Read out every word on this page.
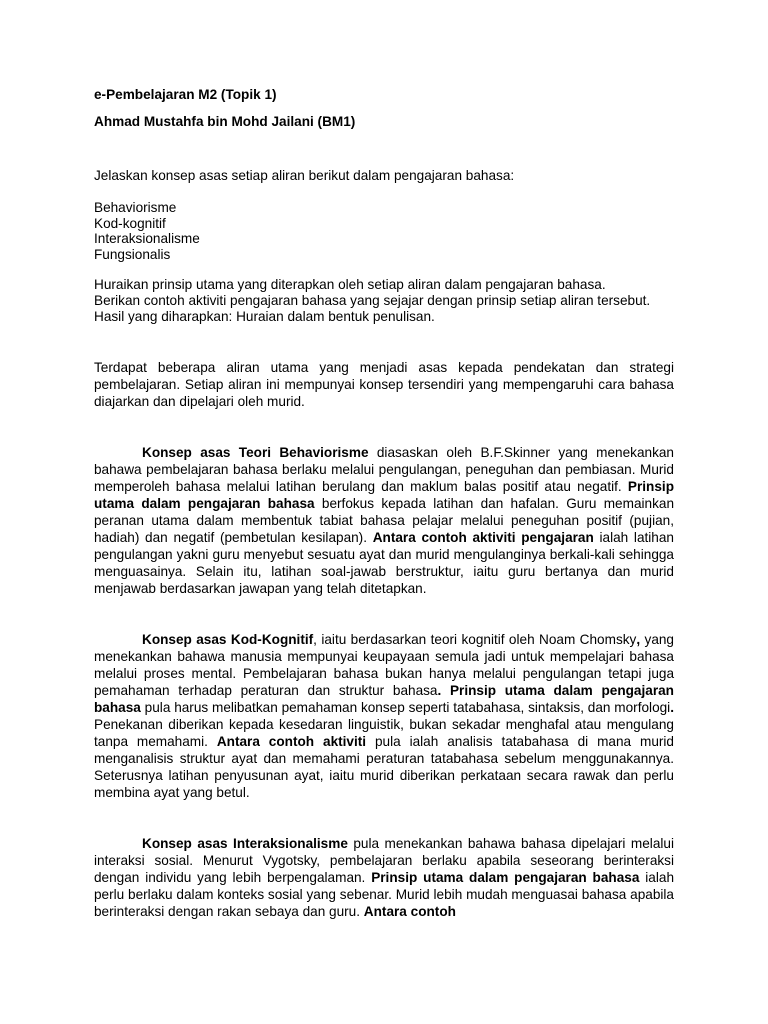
e-Pembelajaran M2 (Topik 1)

Ahmad Mustahfa bin Mohd Jailani (BM1)

Jelaskan konsep asas setiap aliran berikut dalam pengajaran bahasa:

Behaviorisme
Kod-kognitif
Interaksionalisme
Fungsionalis
Huraikan prinsip utama yang diterapkan oleh setiap aliran dalam pengajaran bahasa.
Berikan contoh aktiviti pengajaran bahasa yang sejajar dengan prinsip setiap aliran tersebut.
Hasil yang diharapkan: Huraian dalam bentuk penulisan.

Terdapat beberapa aliran utama yang menjadi asas kepada pendekatan dan strategi pembelajaran. Setiap aliran ini mempunyai konsep tersendiri yang mempengaruhi cara bahasa diajarkan dan dipelajari oleh murid.

Konsep asas Teori Behaviorisme diasaskan oleh B.F.Skinner yang menekankan bahawa pembelajaran bahasa berlaku melalui pengulangan, peneguhan dan pembiasan. Murid memperoleh bahasa melalui latihan berulang dan maklum balas positif atau negatif. Prinsip utama dalam pengajaran bahasa berfokus kepada latihan dan hafalan. Guru memainkan peranan utama dalam membentuk tabiat bahasa pelajar melalui peneguhan positif (pujian, hadiah) dan negatif (pembetulan kesilapan). Antara contoh aktiviti pengajaran ialah latihan pengulangan yakni guru menyebut sesuatu ayat dan murid mengulanginya berkali-kali sehingga menguasainya. Selain itu, latihan soal-jawab berstruktur, iaitu guru bertanya dan murid menjawab berdasarkan jawapan yang telah ditetapkan.

Konsep asas Kod-Kognitif, iaitu berdasarkan teori kognitif oleh Noam Chomsky, yang menekankan bahawa manusia mempunyai keupayaan semula jadi untuk mempelajari bahasa melalui proses mental. Pembelajaran bahasa bukan hanya melalui pengulangan tetapi juga pemahaman terhadap peraturan dan struktur bahasa. Prinsip utama dalam pengajaran bahasa pula harus melibatkan pemahaman konsep seperti tatabahasa, sintaksis, dan morfologi. Penekanan diberikan kepada kesedaran linguistik, bukan sekadar menghafal atau mengulang tanpa memahami. Antara contoh aktiviti pula ialah analisis tatabahasa di mana murid menganalisis struktur ayat dan memahami peraturan tatabahasa sebelum menggunakannya. Seterusnya latihan penyusunan ayat, iaitu murid diberikan perkataan secara rawak dan perlu membina ayat yang betul.

Konsep asas Interaksionalisme pula menekankan bahawa bahasa dipelajari melalui interaksi sosial. Menurut Vygotsky, pembelajaran berlaku apabila seseorang berinteraksi dengan individu yang lebih berpengalaman. Prinsip utama dalam pengajaran bahasa ialah perlu berlaku dalam konteks sosial yang sebenar. Murid lebih mudah menguasai bahasa apabila berinteraksi dengan rakan sebaya dan guru. Antara contoh
